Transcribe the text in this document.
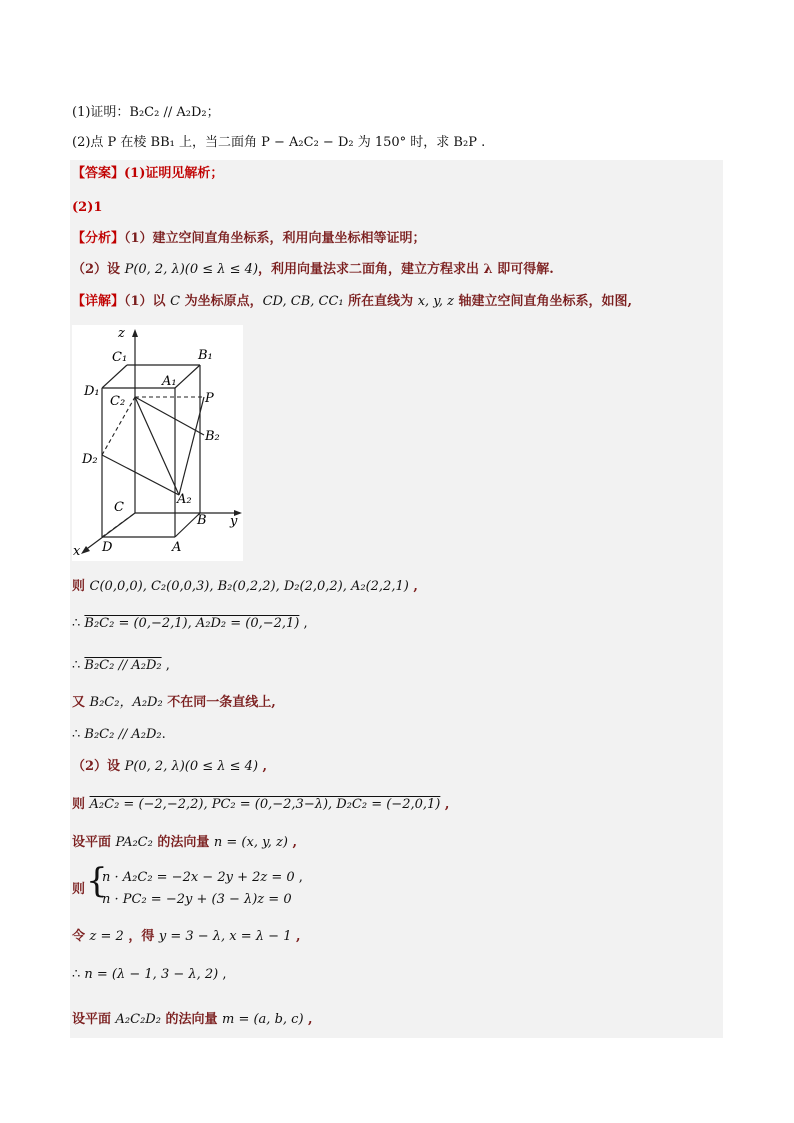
(1)证明：B₂C₂ // A₂D₂；
(2)点 P 在棱 BB₁ 上，当二面角 P − A₂C₂ − D₂ 为 150° 时，求 B₂P .
【答案】(1)证明见解析；
(2)1
【分析】（1）建立空间直角坐标系，利用向量坐标相等证明；
（2）设 P(0, 2, λ)(0 ≤ λ ≤ 4)，利用向量法求二面角，建立方程求出 λ 即可得解.
【详解】（1）以 C 为坐标原点，CD, CB, CC₁ 所在直线为 x, y, z 轴建立空间直角坐标系，如图,
z
y
x
C₁	B₁
A₁
D₁
C₂	P
B₂
D₂
A₂
C
B
D	A
则 C(0,0,0), C₂(0,0,3), B₂(0,2,2), D₂(2,0,2), A₂(2,2,1) ,
∴ B₂C₂ = (0,−2,1), A₂D₂ = (0,−2,1) ,
∴ B₂C₂ // A₂D₂ ,
又 B₂C₂，A₂D₂ 不在同一条直线上,
∴ B₂C₂ // A₂D₂.
（2）设 P(0, 2, λ)(0 ≤ λ ≤ 4) ,
则 A₂C₂ = (−2,−2,2), PC₂ = (0,−2,3−λ), D₂C₂ = (−2,0,1) ,
设平面 PA₂C₂ 的法向量 n = (x, y, z) ,
则 {
n · A₂C₂ = −2x − 2y + 2z = 0 ,
n · PC₂ = −2y + (3 − λ)z = 0
令 z = 2 ，得 y = 3 − λ, x = λ − 1 ,
∴ n = (λ − 1, 3 − λ, 2) ,
设平面 A₂C₂D₂ 的法向量 m = (a, b, c) ,
